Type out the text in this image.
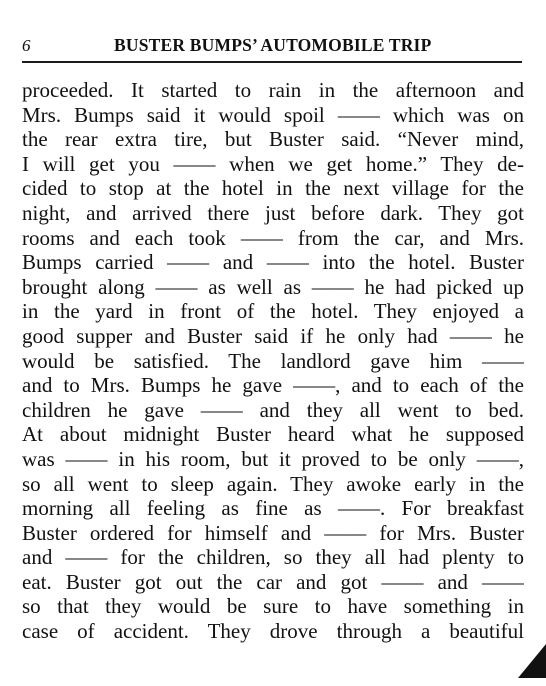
6	BUSTER BUMPS’ AUTOMOBILE TRIP
proceeded. It started to rain in the afternoon and
Mrs. Bumps said it would spoil —— which was on
the rear extra tire, but Buster said. “Never mind,
I will get you —— when we get home.” They de-
cided to stop at the hotel in the next village for the
night, and arrived there just before dark. They got
rooms and each took —— from the car, and Mrs.
Bumps carried —— and —— into the hotel. Buster
brought along —— as well as —— he had picked up
in the yard in front of the hotel. They enjoyed a
good supper and Buster said if he only had —— he
would be satisfied. The landlord gave him ——
and to Mrs. Bumps he gave ——, and to each of the
children he gave —— and they all went to bed.
At about midnight Buster heard what he supposed
was —— in his room, but it proved to be only ——,
so all went to sleep again. They awoke early in the
morning all feeling as fine as ——. For breakfast
Buster ordered for himself and —— for Mrs. Buster
and —— for the children, so they all had plenty to
eat. Buster got out the car and got —— and ——
so that they would be sure to have something in
case of accident. They drove through a beautiful
